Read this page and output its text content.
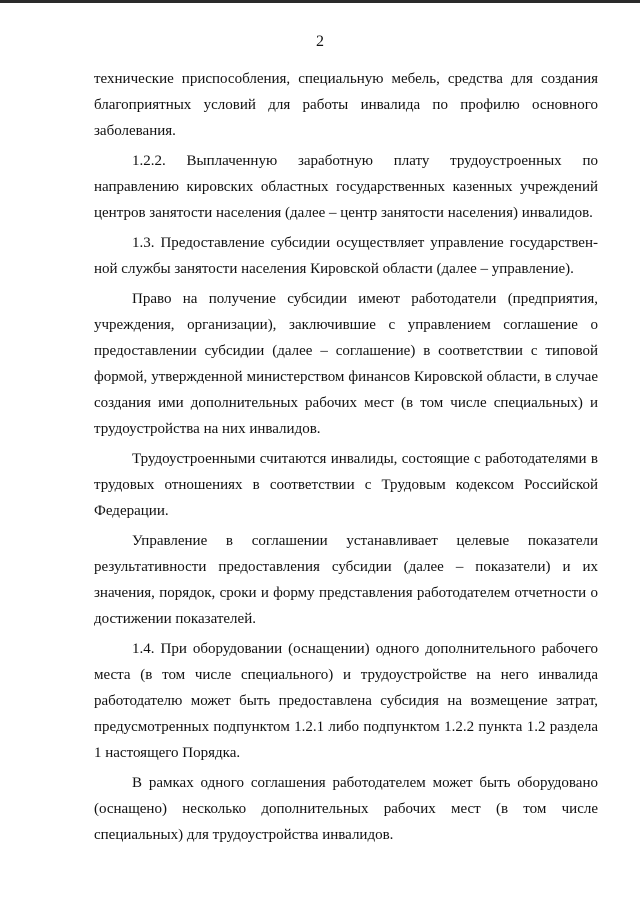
2

технические приспособления, специальную мебель, средства для создания благоприятных условий для работы инвалида по профилю основного заболевания.

1.2.2. Выплаченную заработную плату трудоустроенных по направлению кировских областных государственных казенных учреждений центров занятости населения (далее – центр занятости населения) инвалидов.

1.3. Предоставление субсидии осуществляет управление государственной службы занятости населения Кировской области (далее – управление).

Право на получение субсидии имеют работодатели (предприятия, учреждения, организации), заключившие с управлением соглашение о предоставлении субсидии (далее – соглашение) в соответствии с типовой формой, утвержденной министерством финансов Кировской области, в случае создания ими дополнительных рабочих мест (в том числе специальных) и трудоустройства на них инвалидов.

Трудоустроенными считаются инвалиды, состоящие с работодателями в трудовых отношениях в соответствии с Трудовым кодексом Российской Федерации.

Управление в соглашении устанавливает целевые показатели результативности предоставления субсидии (далее – показатели) и их значения, порядок, сроки и форму представления работодателем отчетности о достижении показателей.

1.4. При оборудовании (оснащении) одного дополнительного рабочего места (в том числе специального) и трудоустройстве на него инвалида работодателю может быть предоставлена субсидия на возмещение затрат, предусмотренных подпунктом 1.2.1 либо подпунктом 1.2.2 пункта 1.2 раздела 1 настоящего Порядка.

В рамках одного соглашения работодателем может быть оборудовано (оснащено) несколько дополнительных рабочих мест (в том числе специальных) для трудоустройства инвалидов.
